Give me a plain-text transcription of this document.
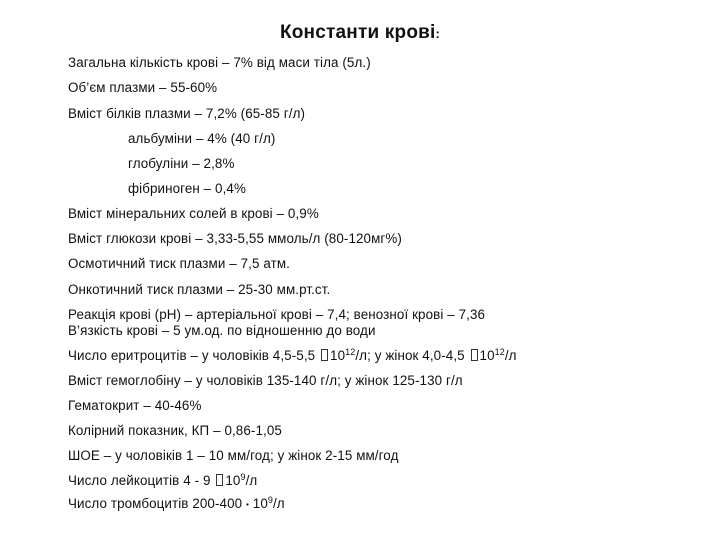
Константи крові:
Загальна кількість крові – 7% від маси тіла (5л.)
Об’єм плазми – 55-60%
Вміст білків плазми – 7,2% (65-85 г/л)
альбуміни – 4% (40 г/л)
глобуліни – 2,8%
фібриноген – 0,4%
Вміст мінеральних солей в крові – 0,9%
Вміст глюкози крові – 3,33-5,55 ммоль/л (80-120мг%)
Осмотичний тиск плазми – 7,5 атм.
Онкотичний тиск плазми – 25-30 мм.рт.ст.
Реакція крові (рН) – артеріальної крові – 7,4; венозної крові – 7,36
В’язкість крові – 5 ум.од. по відношенню до води
Число еритроцитів – у чоловіків 4,5-5,5 $10^{12}/л$; у жінок 4,0-4,5 $10^{12}/л$
Вміст гемоглобіну – у чоловіків 135-140 г/л; у жінок 125-130 г/л
Гематокрит – 40-46%
Колірний показник, КП – 0,86-1,05
ШОЕ – у чоловіків 1 – 10 мм/год; у жінок 2-15 мм/год
Число лейкоцитів 4 - 9 $10^9/л$
Число тромбоцитів 200-400 ▪ $10^9/л$
